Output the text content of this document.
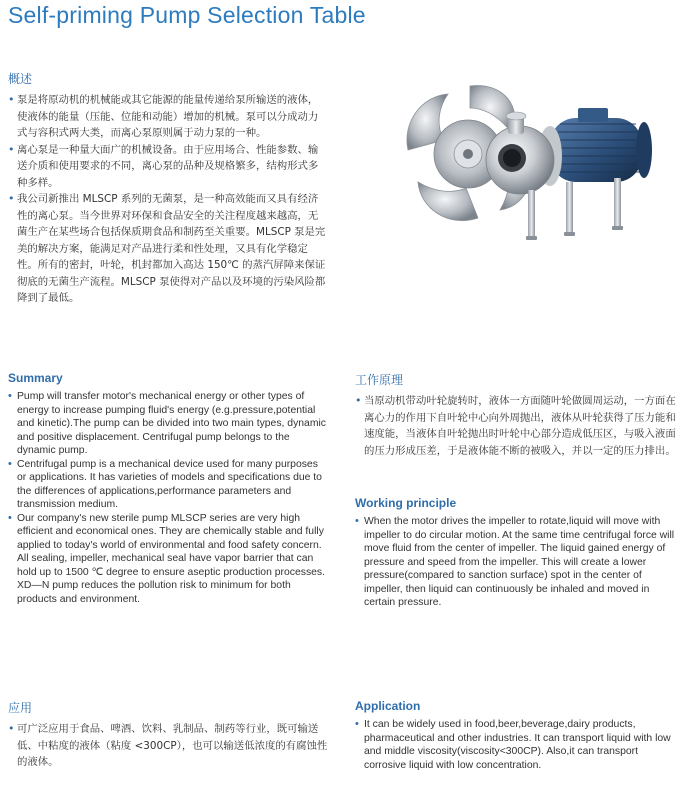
Self-priming Pump Selection Table
概述
• 泵是将原动机的机械能或其它能源的能量传递给泵所输送的液体，使液体的能量（压能、位能和动能）增加的机械。泵可以分成动力式与容积式两大类，而离心泵原则属于动力泵的一种。
• 离心泵是一种量大面广的机械设备。由于应用场合、性能参数、输送介质和使用要求的不同，离心泵的品种及规格繁多，结构形式多种多样。
• 我公司新推出 MLSCP 系列的无菌泵，是一种高效能而又具有经济性的离心泵。当今世界对环保和食品安全的关注程度越来越高，无菌生产在某些场合包括保质期食品和制药至关重要。MLSCP 泵是完美的解决方案，能满足对产品进行柔和性处理，又具有化学稳定性。所有的密封，叶轮，机封都加入高达 150℃ 的蒸汽屏障来保证彻底的无菌生产流程。MLSCP 泵使得对产品以及环境的污染风险都降到了最低。
Summary
• Pump will transfer motor's mechanical energy or other types of energy to increase pumping fluid's energy (e.g.pressure,potential and kinetic).The pump can be divided into two main types, dynamic and positive displacement. Centrifugal pump belongs to the dynamic pump.
• Centrifugal pump is a mechanical device used for many purposes or applications. It has varieties of models and specifications due to the differences of applications,performance parameters and transmission medium.
• Our company's new sterile pump MLSCP series are very high efficient and economical ones. They are chemically stable and fully applied to today's world of environmental and food safety concern. All sealing, impeller, mechanical seal have vapor barrier that can hold up to 1500 ℃ degree to ensure aseptic production processes. XD—N pump reduces the pollution risk to minimum for both products and environment.
工作原理
• 当原动机带动叶轮旋转时，液体一方面随叶轮做圆周运动，一方面在离心力的作用下自叶轮中心向外周抛出，液体从叶轮获得了压力能和速度能，当液体自叶轮抛出时叶轮中心部分造成低压区，与吸入液面的压力形成压差，于是液体能不断的被吸入，并以一定的压力排出。
Working principle
• When the motor drives the impeller to rotate,liquid will move with impeller to do circular motion. At the same time centrifugal force will move fluid from the center of impeller. The liquid gained energy of pressure and speed from the impeller. This will create a lower pressure(compared to sanction surface) spot in the center of impeller, then liquid can continuously be inhaled and moved in certain pressure.
应用
• 可广泛应用于食品、啤酒、饮料、乳制品、制药等行业，既可输送低、中粘度的液体（粘度 <300CP），也可以输送低浓度的有腐蚀性的液体。
Application
• It can be widely used in food,beer,beverage,dairy products, pharmaceutical and other industries. It can transport liquid with low and middle viscosity(viscosity<300CP). Also,it can transport corrosive liquid with low concentration.
